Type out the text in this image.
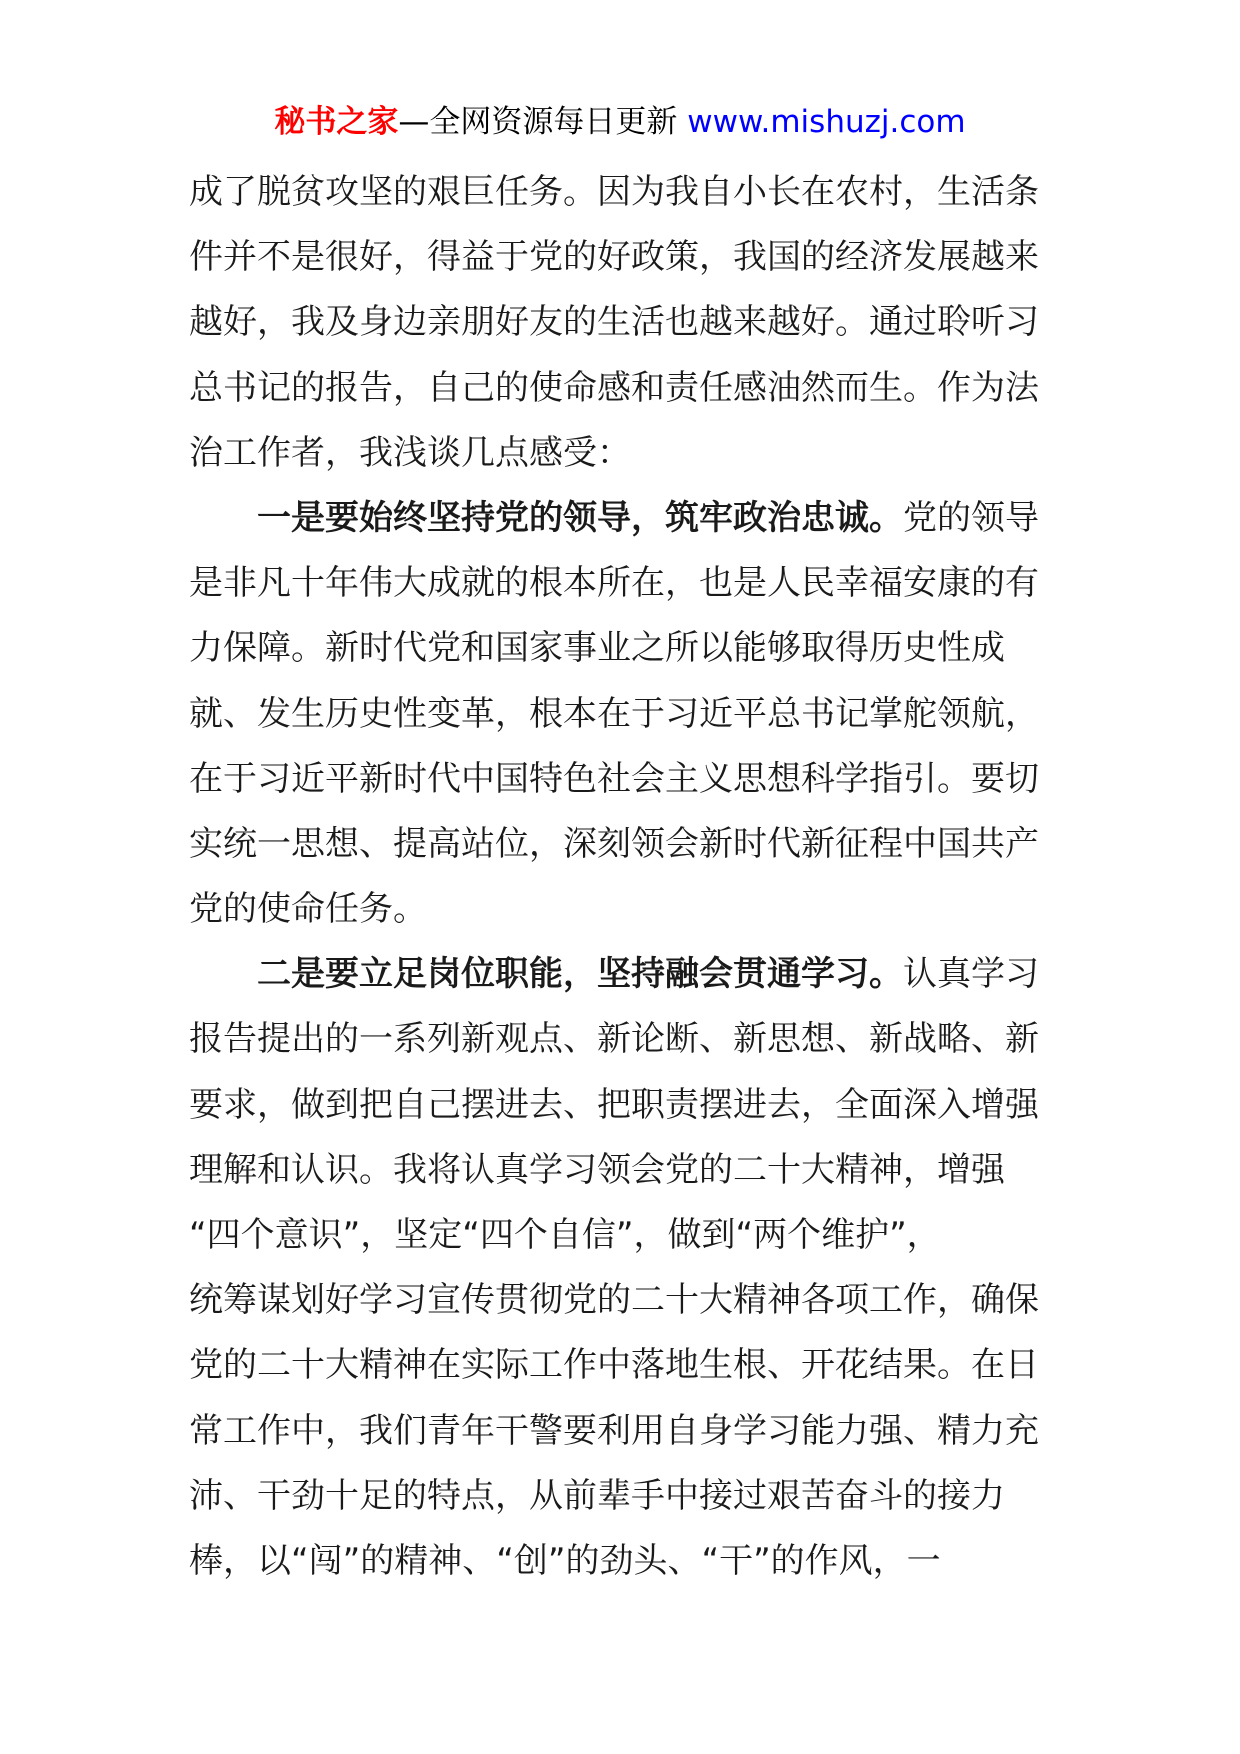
秘书之家—全网资源每日更新 www.mishuzj.com
成了脱贫攻坚的艰巨任务。因为我自小长在农村，生活条
件并不是很好，得益于党的好政策，我国的经济发展越来
越好，我及身边亲朋好友的生活也越来越好。通过聆听习
总书记的报告，自己的使命感和责任感油然而生。作为法
治工作者，我浅谈几点感受：
一是要始终坚持党的领导，筑牢政治忠诚。党的领导
是非凡十年伟大成就的根本所在，也是人民幸福安康的有
力保障。新时代党和国家事业之所以能够取得历史性成
就、发生历史性变革，根本在于习近平总书记掌舵领航，
在于习近平新时代中国特色社会主义思想科学指引。要切
实统一思想、提高站位，深刻领会新时代新征程中国共产
党的使命任务。
二是要立足岗位职能，坚持融会贯通学习。认真学习
报告提出的一系列新观点、新论断、新思想、新战略、新
要求，做到把自己摆进去、把职责摆进去，全面深入增强
理解和认识。我将认真学习领会党的二十大精神，增强
“四个意识”，坚定“四个自信”，做到“两个维护”，
统筹谋划好学习宣传贯彻党的二十大精神各项工作，确保
党的二十大精神在实际工作中落地生根、开花结果。在日
常工作中，我们青年干警要利用自身学习能力强、精力充
沛、干劲十足的特点，从前辈手中接过艰苦奋斗的接力
棒，以“闯”的精神、“创”的劲头、“干”的作风，一
